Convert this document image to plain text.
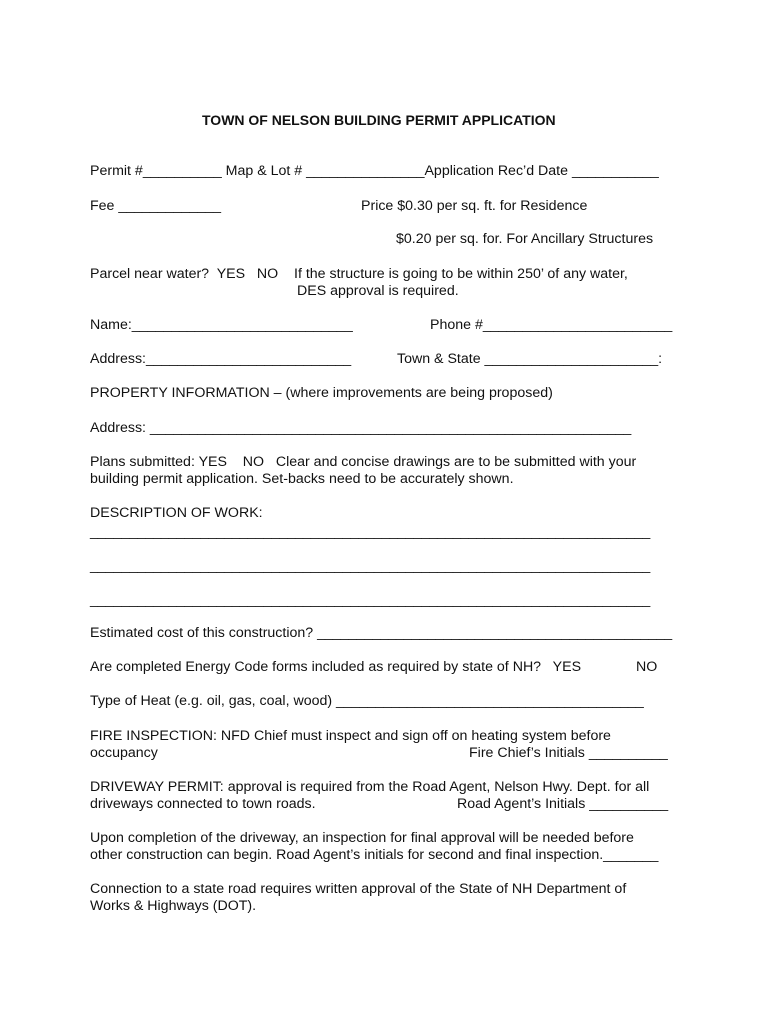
TOWN OF NELSON BUILDING PERMIT APPLICATION
Permit #__________ Map & Lot # _______________Application Rec’d Date ___________
Fee _____________	Price $0.30 per sq. ft. for Residence
$0.20 per sq. for. For Ancillary Structures
Parcel near water?  YES   NO If the structure is going to be within 250’ of any water,
DES approval is required.
Name:____________________________	Phone #________________________
Address:__________________________	Town & State ______________________:
PROPERTY INFORMATION – (where improvements are being proposed)
Address: _____________________________________________________________
Plans submitted: YES    NO   Clear and concise drawings are to be submitted with your
building permit application. Set-backs need to be accurately shown.
DESCRIPTION OF WORK:
_______________________________________________________________________
_______________________________________________________________________
_______________________________________________________________________
Estimated cost of this construction? _____________________________________________
Are completed Energy Code forms included as required by state of NH?   YES	NO
Type of Heat (e.g. oil, gas, coal, wood) _______________________________________
FIRE INSPECTION: NFD Chief must inspect and sign off on heating system before
occupancy	Fire Chief’s Initials __________
DRIVEWAY PERMIT: approval is required from the Road Agent, Nelson Hwy. Dept. for all
driveways connected to town roads.	Road Agent’s Initials __________
Upon completion of the driveway, an inspection for final approval will be needed before
other construction can begin. Road Agent’s initials for second and final inspection._______
Connection to a state road requires written approval of the State of NH Department of
Works & Highways (DOT).
